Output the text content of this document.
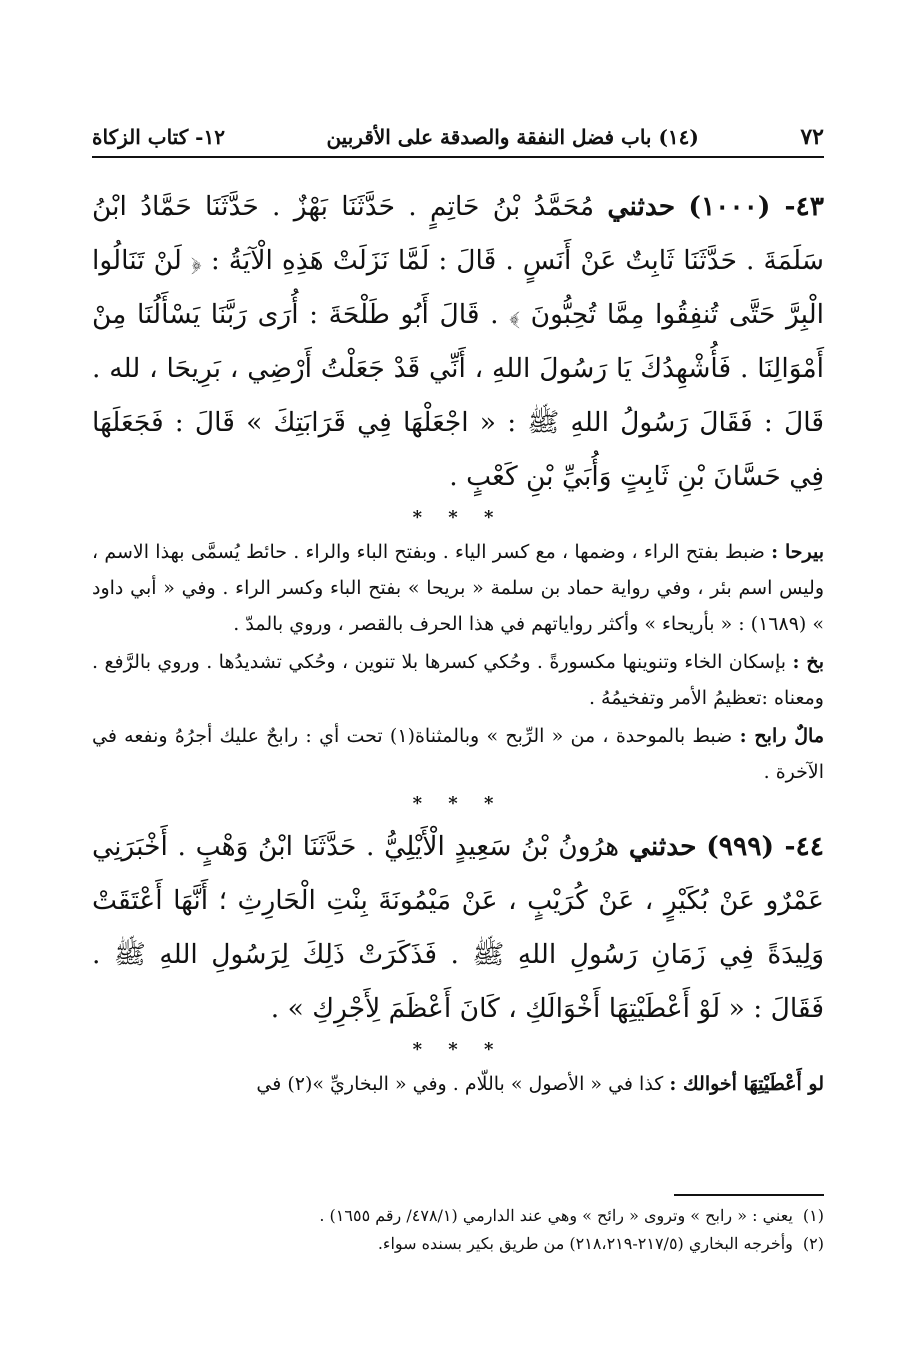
٧٢
(١٤) باب فضل النفقة والصدقة على الأقربين
١٢- كتاب الزكاة

٤٣- (١٠٠٠) حدثني مُحَمَّدُ بْنُ حَاتِمٍ . حَدَّثَنَا بَهْزٌ . حَدَّثَنَا حَمَّادُ ابْنُ سَلَمَةَ . حَدَّثَنَا ثَابِتٌ عَنْ أَنَسٍ . قَالَ : لَمَّا نَزَلَتْ هَذِهِ الْآيَةُ : ﴿ لَنْ تَنَالُوا الْبِرَّ حَتَّى تُنفِقُوا مِمَّا تُحِبُّونَ ﴾ . قَالَ أَبُو طَلْحَةَ : أُرَى رَبَّنَا يَسْأَلُنَا مِنْ أَمْوَالِنَا . فَأُشْهِدُكَ يَا رَسُولَ اللهِ ، أَنِّي قَدْ جَعَلْتُ أَرْضِي ، بَرِيحَا ، لله . قَالَ : فَقَالَ رَسُولُ اللهِ ﷺ : « اجْعَلْهَا فِي قَرَابَتِكَ » قَالَ : فَجَعَلَهَا فِي حَسَّانَ بْنِ ثَابِتٍ وَأُبَيِّ بْنِ كَعْبٍ .

* * *

بيرحا : ضبط بفتح الراء ، وضمها ، مع كسر الياء . وبفتح الباء والراء . حائط يُسمَّى بهذا الاسم ، وليس اسم بئر ، وفي رواية حماد بن سلمة « بريحا » بفتح الباء وكسر الراء . وفي « أبي داود » (١٦٨٩) : « بأريحاء » وأكثر رواياتهم في هذا الحرف بالقصر ، وروي بالمدّ .

بخ : بإسكان الخاء وتنوينها مكسورةً . وحُكي كسرها بلا تنوين ، وحُكي تشديدُها . وروي بالرَّفع . ومعناه :تعظيمُ الأمر وتفخيمُهُ .

مالٌ رابح : ضبط بالموحدة ، من « الرِّبح » وبالمثناة(١) تحت أي : رابحٌ عليك أجرُهُ ونفعه في الآخرة .

* * *

٤٤- (٩٩٩) حدثني هرُونُ بْنُ سَعِيدٍ الْأَيْلِيُّ . حَدَّثَنَا ابْنُ وَهْبٍ . أَخْبَرَنِي عَمْرٌو عَنْ بُكَيْرٍ ، عَنْ كُرَيْبٍ ، عَنْ مَيْمُونَةَ بِنْتِ الْحَارِثِ ؛ أَنَّهَا أَعْتَقَتْ وَلِيدَةً فِي زَمَانِ رَسُولِ اللهِ ﷺ . فَذَكَرَتْ ذَلِكَ لِرَسُولِ اللهِ ﷺ . فَقَالَ : « لَوْ أَعْطَيْتِهَا أَخْوَالَكِ ، كَانَ أَعْظَمَ لِأَجْرِكِ » .

* * *

لو أَعْطَيْتِهَا أخوالك : كذا في « الأصول » باللّام . وفي « البخاريِّ »(٢) في

(١)يعني : « رابح » وتروى « رائح » وهي عند الدارمي (٤٧٨/١/ رقم ١٦٥٥) .

(٢)وأخرجه البخاري (٢١٧/٥-٢١٨،٢١٩) من طريق بكير بسنده سواء.
